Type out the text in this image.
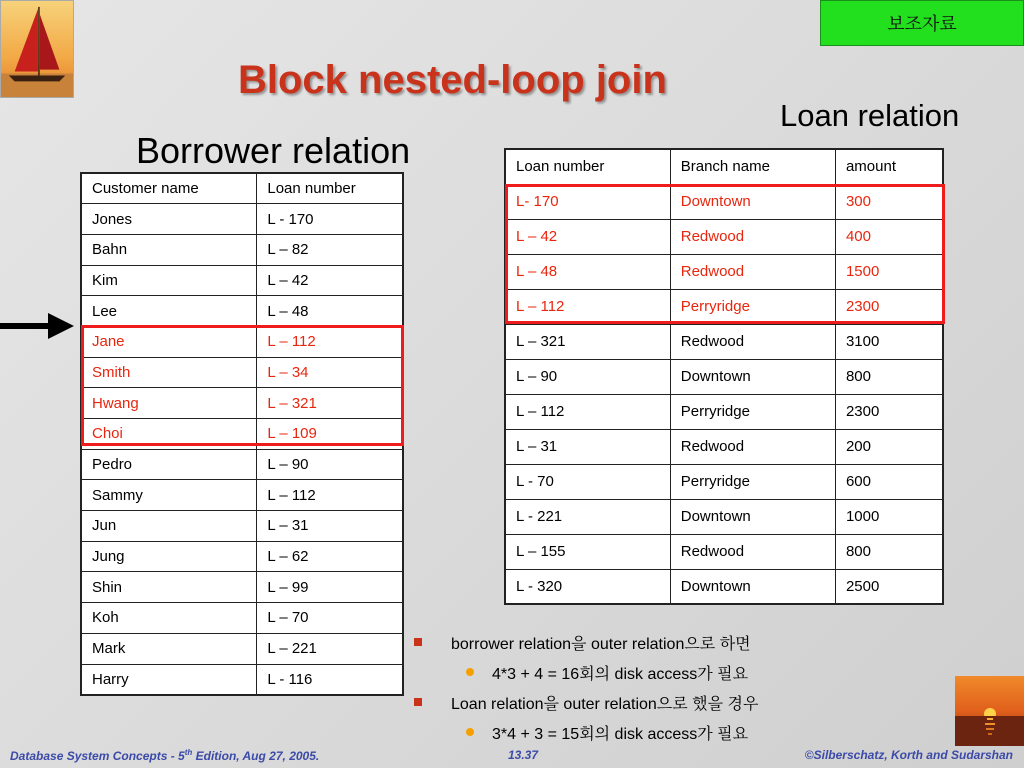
보조자료
Block nested-loop join
Loan relation
Borrower relation
Customer name	Loan number
Jones	L - 170
Bahn	L – 82
Kim	L – 42
Lee	L – 48
Jane	L – 112
Smith	L – 34
Hwang	L – 321
Choi	L – 109
Pedro	L – 90
Sammy	L – 112
Jun	L – 31
Jung	L – 62
Shin	L – 99
Koh	L – 70
Mark	L – 221
Harry	L - 116
Loan number	Branch name	amount
L- 170	Downtown	300
L – 42	Redwood	400
L – 48	Redwood	1500
L – 112	Perryridge	2300
L – 321	Redwood	3100
L – 90	Downtown	800
L – 112	Perryridge	2300
L – 31	Redwood	200
L - 70	Perryridge	600
L - 221	Downtown	1000
L – 155	Redwood	800
L - 320	Downtown	2500
borrower relation을 outer relation으로 하면
4*3 + 4 = 16회의 disk access가 필요
Loan relation을 outer relation으로 했을 경우
3*4 + 3 = 15회의 disk access가 필요
Database System Concepts - 5th Edition, Aug 27, 2005.	13.37	©Silberschatz, Korth and Sudarshan
